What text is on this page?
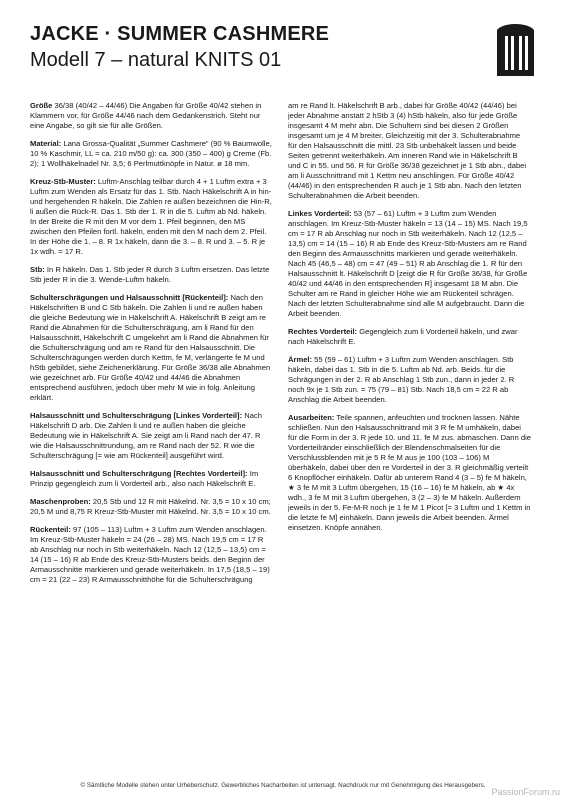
JACKE · SUMMER CASHMERE
Modell 7 – natural KNITS 01
Größe 36/38 (40/42 – 44/46) Die Angaben für Größe 40/42 stehen in Klammern vor, für Größe 44/46 nach dem Gedankenstrich. Steht nur eine Angabe, so gilt sie für alle Größen.
Material: Lana Grossa-Qualität „Summer Cashmere“ (90 % Baumwolle, 10 % Kaschmir, LL = ca. 210 m/50 g): ca. 300 (350 – 400) g Creme (Fb. 2); 1 Wollhäkelnadel Nr. 3,5; 6 Perlmuttknöpfe in Natur. ø 18 mm.
Kreuz-Stb-Muster: Luftm-Anschlag teilbar durch 4 + 1 Luftm extra + 3 Luftm zum Wenden als Ersatz für das 1. Stb. Nach Häkelschrift A in hin- und hergehenden R häkeln. Die Zahlen re außen bezeichnen die Hin-R, li außen die Rück-R. Das 1. Stb der 1. R in die 5. Luftm ab Nd. häkeln. In der Breite die R mit den M vor dem 1. Pfeil beginnen, den MS zwischen den Pfeilen fortl. häkeln, enden mit den M nach dem 2. Pfeil. In der Höhe die 1. – 8. R 1x häkeln, dann die 3. – 8. R und 3. – 5. R je 1x wdh. = 17 R.
Stb: In R häkeln. Das 1. Stb jeder R durch 3 Luftm ersetzen. Das letzte Stb jeder R in die 3. Wende-Luftm häkeln.
Schulterschrägungen und Halsausschnitt [Rückenteil]: Nach den Häkelschriften B und C Stb häkeln. Die Zahlen li und re außen haben die gleiche Bedeutung wie in Häkelschrift A. Häkelschrift B zeigt am re Rand die Abnahmen für die Schulterschrägung, am li Rand für den Halsausschnitt, Häkelschrift C umgekehrt am li Rand die Abnahmen für die Schulterschrägung und am re Rand für den Halsausschnitt. Die Schulterschrägungen werden durch Kettm, fe M, verlängerte fe M und hStb gebildet, siehe Zeichenerklärung. Für Größe 36/38 alle Abnahmen wie gezeichnet arb. Für Größe 40/42 und 44/46 die Abnahmen entsprechend ausführen, jedoch über mehr M wie in folg. Anleitung erklärt.
Halsausschnitt und Schulterschrägung [Linkes Vorderteil]: Nach Häkelschrift D arb. Die Zahlen li und re außen haben die gleiche Bedeutung wie in Häkelschrift A. Sie zeigt am li Rand nach der 47. R wie die Halsausschnittrundung, am re Rand nach der 52. R wie die Schulterschrägung [= wie am Rückenteil] ausgeführt wird.
Halsausschnitt und Schulterschrägung [Rechtes Vorderteil]: Im Prinzip gegengleich zum li Vorderteil arb., also nach Häkelschrift E.
Maschenproben: 20,5 Stb und 12 R mit Häkelnd. Nr. 3,5 = 10 x 10 cm; 20,5 M und 8,75 R Kreuz-Stb-Muster mit Häkelnd. Nr. 3,5 = 10 x 10 cm.
Rückenteil: 97 (105 – 113) Luftm + 3 Luftm zum Wenden anschlagen. Im Kreuz-Stb-Muster häkeln = 24 (26 – 28) MS. Nach 19,5 cm = 17 R ab Anschlag nur noch in Stb weiterhäkeln. Nach 12 (12,5 – 13,5) cm = 14 (15 – 16) R ab Ende des Kreuz-Stb-Musters beids. den Beginn der Armausschnitte markieren und gerade weiterhäkeln. In 17,5 (18,5 – 19) cm = 21 (22 – 23) R Armausschnitthöhe für die Schulterschrägung
am re Rand lt. Häkelschrift B arb., dabei für Größe 40/42 (44/46) bei jeder Abnahme anstatt 2 hStb 3 (4) hStb häkeln, also für jede Größe insgesamt 4 M mehr abn. Die Schultern sind bei diesen 2 Größen insgesamt um je 4 M breiter. Gleichzeitig mit der 3. Schulterabnahme für den Halsausschnitt die mittl. 23 Stb unbehäkelt lassen und beide Seiten getrennt weiterhäkeln. Am inneren Rand wie in Häkelschrift B und C in 55. und 56. R für Größe 36/38 gezeichnet je 1 Stb abn., dabei am li Ausschnittrand mit 1 Kettm neu anschlingen. Für Größe 40/42 (44/46) in den entsprechenden R auch je 1 Stb abn. Nach den letzten Schulterabnahmen die Arbeit beenden.
Linkes Vorderteil: 53 (57 – 61) Luftm + 3 Luftm zum Wenden anschlagen. Im Kreuz-Stb-Muster häkeln = 13 (14 – 15) MS. Nach 19,5 cm = 17 R ab Anschlag nur noch in Stb weiterhäkeln. Nach 12 (12,5 – 13,5) cm = 14 (15 – 16) R ab Ende des Kreuz-Stb-Musters am re Rand den Beginn des Armausschnitts markieren und gerade weiterhäkeln. Nach 45 (46,5 – 48) cm = 47 (49 – 51) R ab Anschlag die 1. R für den Halsausschnitt lt. Häkelschrift D [zeigt die R für Größe 36/38, für Größe 40/42 und 44/46 in den entsprechenden R] insgesamt 18 M abn. Die Schulter am re Rand in gleicher Höhe wie am Rückenteil schrägen. Nach der letzten Schulterabnahme sind alle M aufgebraucht. Dann die Arbeit beenden.
Rechtes Vorderteil: Gegengleich zum li Vorderteil häkeln, und zwar nach Häkelschrift E.
Ärmel: 55 (59 – 61) Luftm + 3 Luftm zum Wenden anschlagen. Stb häkeln, dabei das 1. Stb in die 5. Luftm ab Nd. arb. Beids. für die Schrägungen in der 2. R ab Anschlag 1 Stb zun., dann in jeder 2. R noch 9x je 1 Stb zun. = 75 (79 – 81) Stb. Nach 18,5 cm = 22 R ab Anschlag die Arbeit beenden.
Ausarbeiten: Teile spannen, anfeuchten und trocknen lassen. Nähte schließen. Nun den Halsausschnittrand mit 3 R fe M umhäkeln, dabei für die Form in der 3. R jede 10. und 11. fe M zus. abmaschen. Dann die Vorderteilränder einschließlich der Blendenschmalseiten für die Verschlussblenden mit je 5 R fe M aus je 100 (103 – 106) M überhäkeln, dabei über den re Vorderteil in der 3. R gleichmäßig verteilt 6 Knopflöcher einhäkeln. Dafür ab unterem Rand 4 (3 – 5) fe M häkeln, ★ 3 fe M mit 3 Luftm übergehen, 15 (16 – 16) fe M häkeln, ab ★ 4x wdh., 3 fe M mit 3 Luftm übergehen, 3 (2 – 3) fe M häkeln. Außerdem jeweils in der 5. Fe-M-R noch je 1 fe M 1 Picot [= 3 Luftm und 1 Kettm in die letzte fe M] einhäkeln. Dann jeweils die Arbeit beenden. Ärmel einsetzen. Knöpfe annähen.
© Sämtliche Modelle stehen unter Urheberschutz. Gewerbliches Nacharbeiten ist untersagt. Nachdruck nur mit Genehmigung des Herausgebers.
PassionForum.ru
